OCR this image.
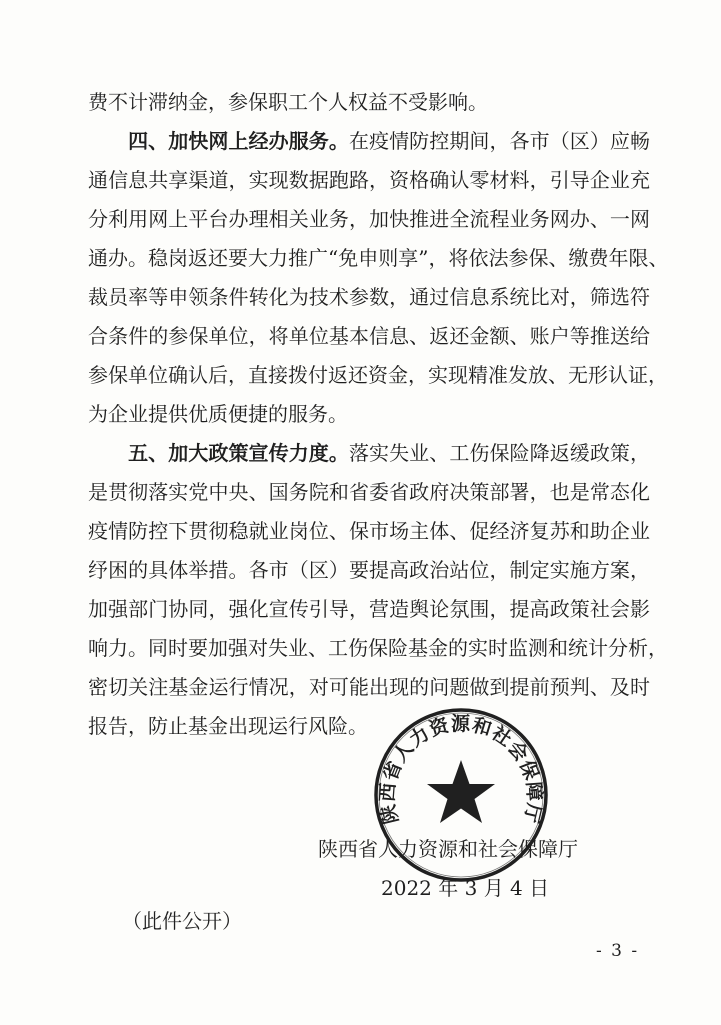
费不计滞纳金，参保职工个人权益不受影响。
四、加快网上经办服务。在疫情防控期间，各市（区）应畅
通信息共享渠道，实现数据跑路，资格确认零材料，引导企业充
分利用网上平台办理相关业务，加快推进全流程业务网办、一网
通办。稳岗返还要大力推广“免申则享”，将依法参保、缴费年限、
裁员率等申领条件转化为技术参数，通过信息系统比对，筛选符
合条件的参保单位，将单位基本信息、返还金额、账户等推送给
参保单位确认后，直接拨付返还资金，实现精准发放、无形认证，
为企业提供优质便捷的服务。
五、加大政策宣传力度。落实失业、工伤保险降返缓政策，
是贯彻落实党中央、国务院和省委省政府决策部署，也是常态化
疫情防控下贯彻稳就业岗位、保市场主体、促经济复苏和助企业
纾困的具体举措。各市（区）要提高政治站位，制定实施方案，
加强部门协同，强化宣传引导，营造舆论氛围，提高政策社会影
响力。同时要加强对失业、工伤保险基金的实时监测和统计分析，
密切关注基金运行情况，对可能出现的问题做到提前预判、及时
报告，防止基金出现运行风险。
陕西省人力资源和社会保障厅
陕西省人力资源和社会保障厅
2022 年 3 月 4 日
（此件公开）
- 3 -
